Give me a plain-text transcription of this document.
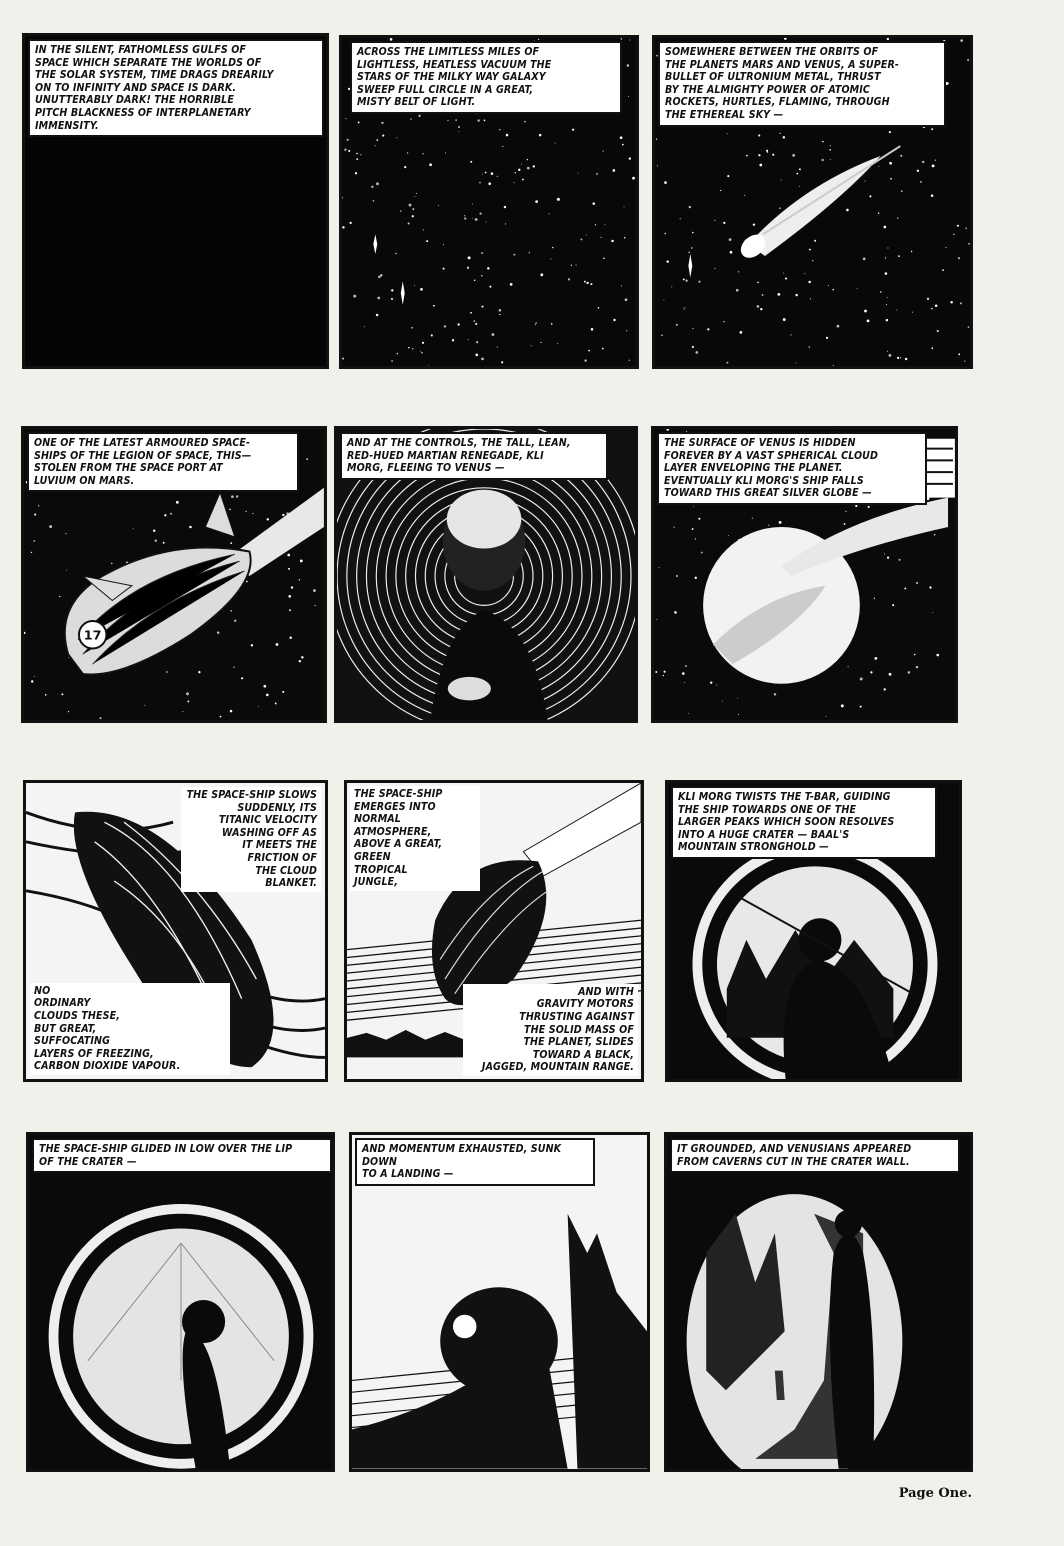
IN THE SILENT, FATHOMLESS GULFS OF
SPACE WHICH SEPARATE THE WORLDS OF
THE SOLAR SYSTEM, TIME DRAGS DREARILY
ON TO INFINITY AND SPACE IS DARK.
UNUTTERABLY DARK! THE HORRIBLE
PITCH BLACKNESS OF INTERPLANETARY
IMMENSITY.
ACROSS THE LIMITLESS MILES OF
LIGHTLESS, HEATLESS VACUUM THE
STARS OF THE MILKY WAY GALAXY
SWEEP FULL CIRCLE IN A GREAT,
MISTY BELT OF LIGHT.
SOMEWHERE BETWEEN THE ORBITS OF
THE PLANETS MARS AND VENUS, A SUPER-
BULLET OF ULTRONIUM METAL, THRUST
BY THE ALMIGHTY POWER OF ATOMIC
ROCKETS, HURTLES, FLAMING, THROUGH
THE ETHEREAL SKY —
17
ONE OF THE LATEST ARMOURED SPACE-
SHIPS OF THE LEGION OF SPACE, THIS—
STOLEN FROM THE SPACE PORT AT
LUVIUM ON MARS.
AND AT THE CONTROLS, THE TALL, LEAN,
RED-HUED MARTIAN RENEGADE, KLI
MORG, FLEEING TO VENUS —
THE SURFACE OF VENUS IS HIDDEN
FOREVER BY A VAST SPHERICAL CLOUD
LAYER ENVELOPING THE PLANET.
EVENTUALLY KLI MORG'S SHIP FALLS
TOWARD THIS GREAT SILVER GLOBE —
THE SPACE-SHIP SLOWS
SUDDENLY, ITS
TITANIC VELOCITY
WASHING OFF AS
IT MEETS THE
FRICTION OF
THE CLOUD
BLANKET.
NO
ORDINARY
CLOUDS THESE,
BUT GREAT,
SUFFOCATING
LAYERS OF FREEZING,
CARBON DIOXIDE VAPOUR.
THE SPACE-SHIP
EMERGES INTO
NORMAL ATMOSPHERE,
ABOVE A GREAT,
GREEN
TROPICAL
JUNGLE,
AND WITH
GRAVITY MOTORS
THRUSTING AGAINST
THE SOLID MASS OF
THE PLANET, SLIDES
TOWARD A BLACK,
JAGGED, MOUNTAIN RANGE.
KLI MORG TWISTS THE T-BAR, GUIDING
THE SHIP TOWARDS ONE OF THE
LARGER PEAKS WHICH SOON RESOLVES
INTO A HUGE CRATER — BAAL'S
MOUNTAIN STRONGHOLD —
THE SPACE-SHIP GLIDED IN LOW OVER THE LIP
OF THE CRATER —
AND MOMENTUM EXHAUSTED, SUNK DOWN
TO A LANDING —
IT GROUNDED, AND VENUSIANS APPEARED
FROM CAVERNS CUT IN THE CRATER WALL.
Page One.
